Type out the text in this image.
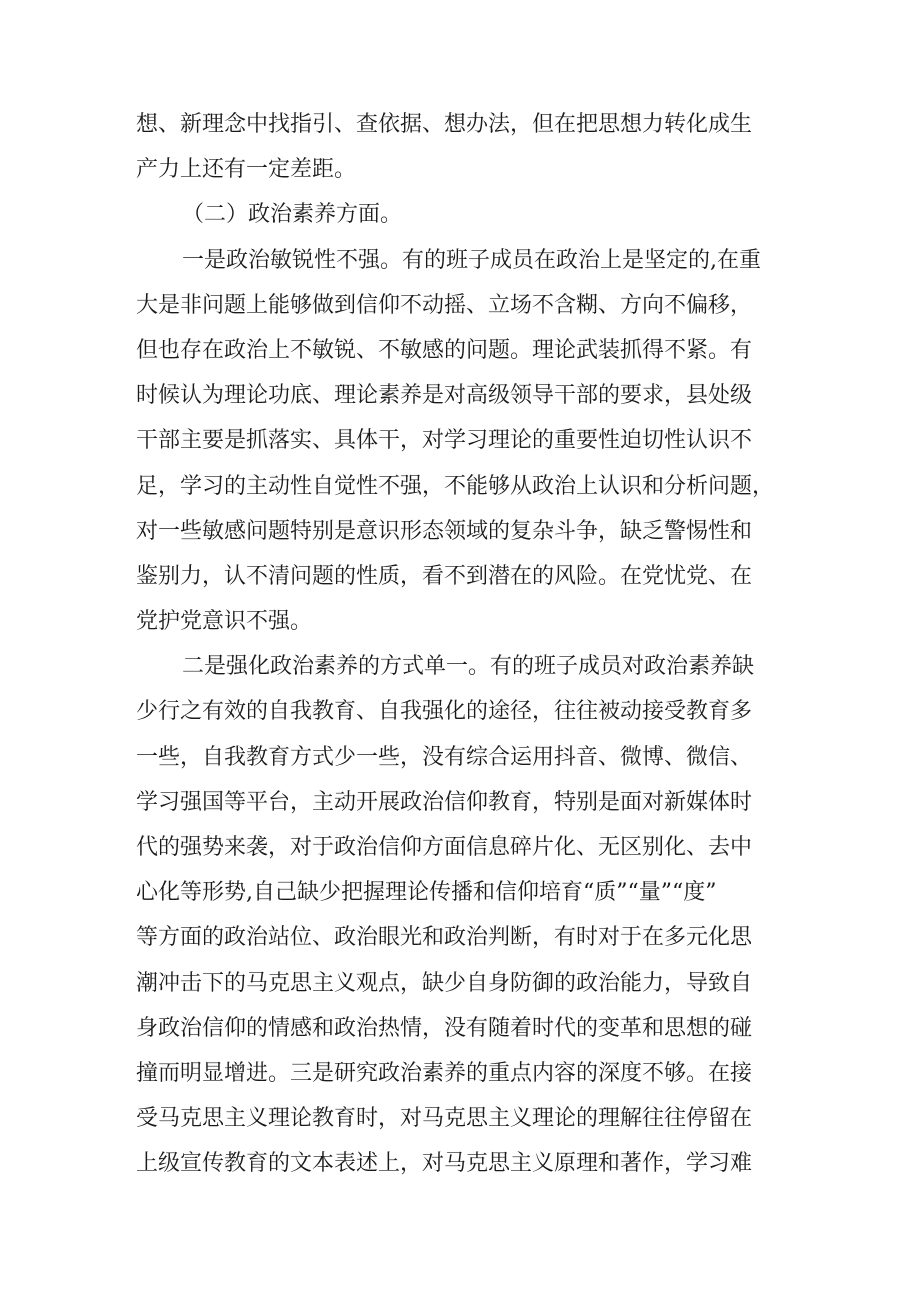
想、新理念中找指引、查依据、想办法，但在把思想力转化成生
产力上还有一定差距。
（二）政治素养方面。
一是政治敏锐性不强。有的班子成员在政治上是坚定的,在重
大是非问题上能够做到信仰不动摇、立场不含糊、方向不偏移，
但也存在政治上不敏锐、不敏感的问题。理论武装抓得不紧。有
时候认为理论功底、理论素养是对高级领导干部的要求，县处级
干部主要是抓落实、具体干，对学习理论的重要性迫切性认识不
足，学习的主动性自觉性不强，不能够从政治上认识和分析问题，
对一些敏感问题特别是意识形态领域的复杂斗争，缺乏警惕性和
鉴别力，认不清问题的性质，看不到潜在的风险。在党忧党、在
党护党意识不强。
二是强化政治素养的方式单一。有的班子成员对政治素养缺
少行之有效的自我教育、自我强化的途径，往往被动接受教育多
一些，自我教育方式少一些，没有综合运用抖音、微博、微信、
学习强国等平台，主动开展政治信仰教育，特别是面对新媒体时
代的强势来袭，对于政治信仰方面信息碎片化、无区别化、去中
心化等形势,自己缺少把握理论传播和信仰培育“质”“量”“度”
等方面的政治站位、政治眼光和政治判断，有时对于在多元化思
潮冲击下的马克思主义观点，缺少自身防御的政治能力，导致自
身政治信仰的情感和政治热情，没有随着时代的变革和思想的碰
撞而明显增进。三是研究政治素养的重点内容的深度不够。在接
受马克思主义理论教育时，对马克思主义理论的理解往往停留在
上级宣传教育的文本表述上，对马克思主义原理和著作，学习难
